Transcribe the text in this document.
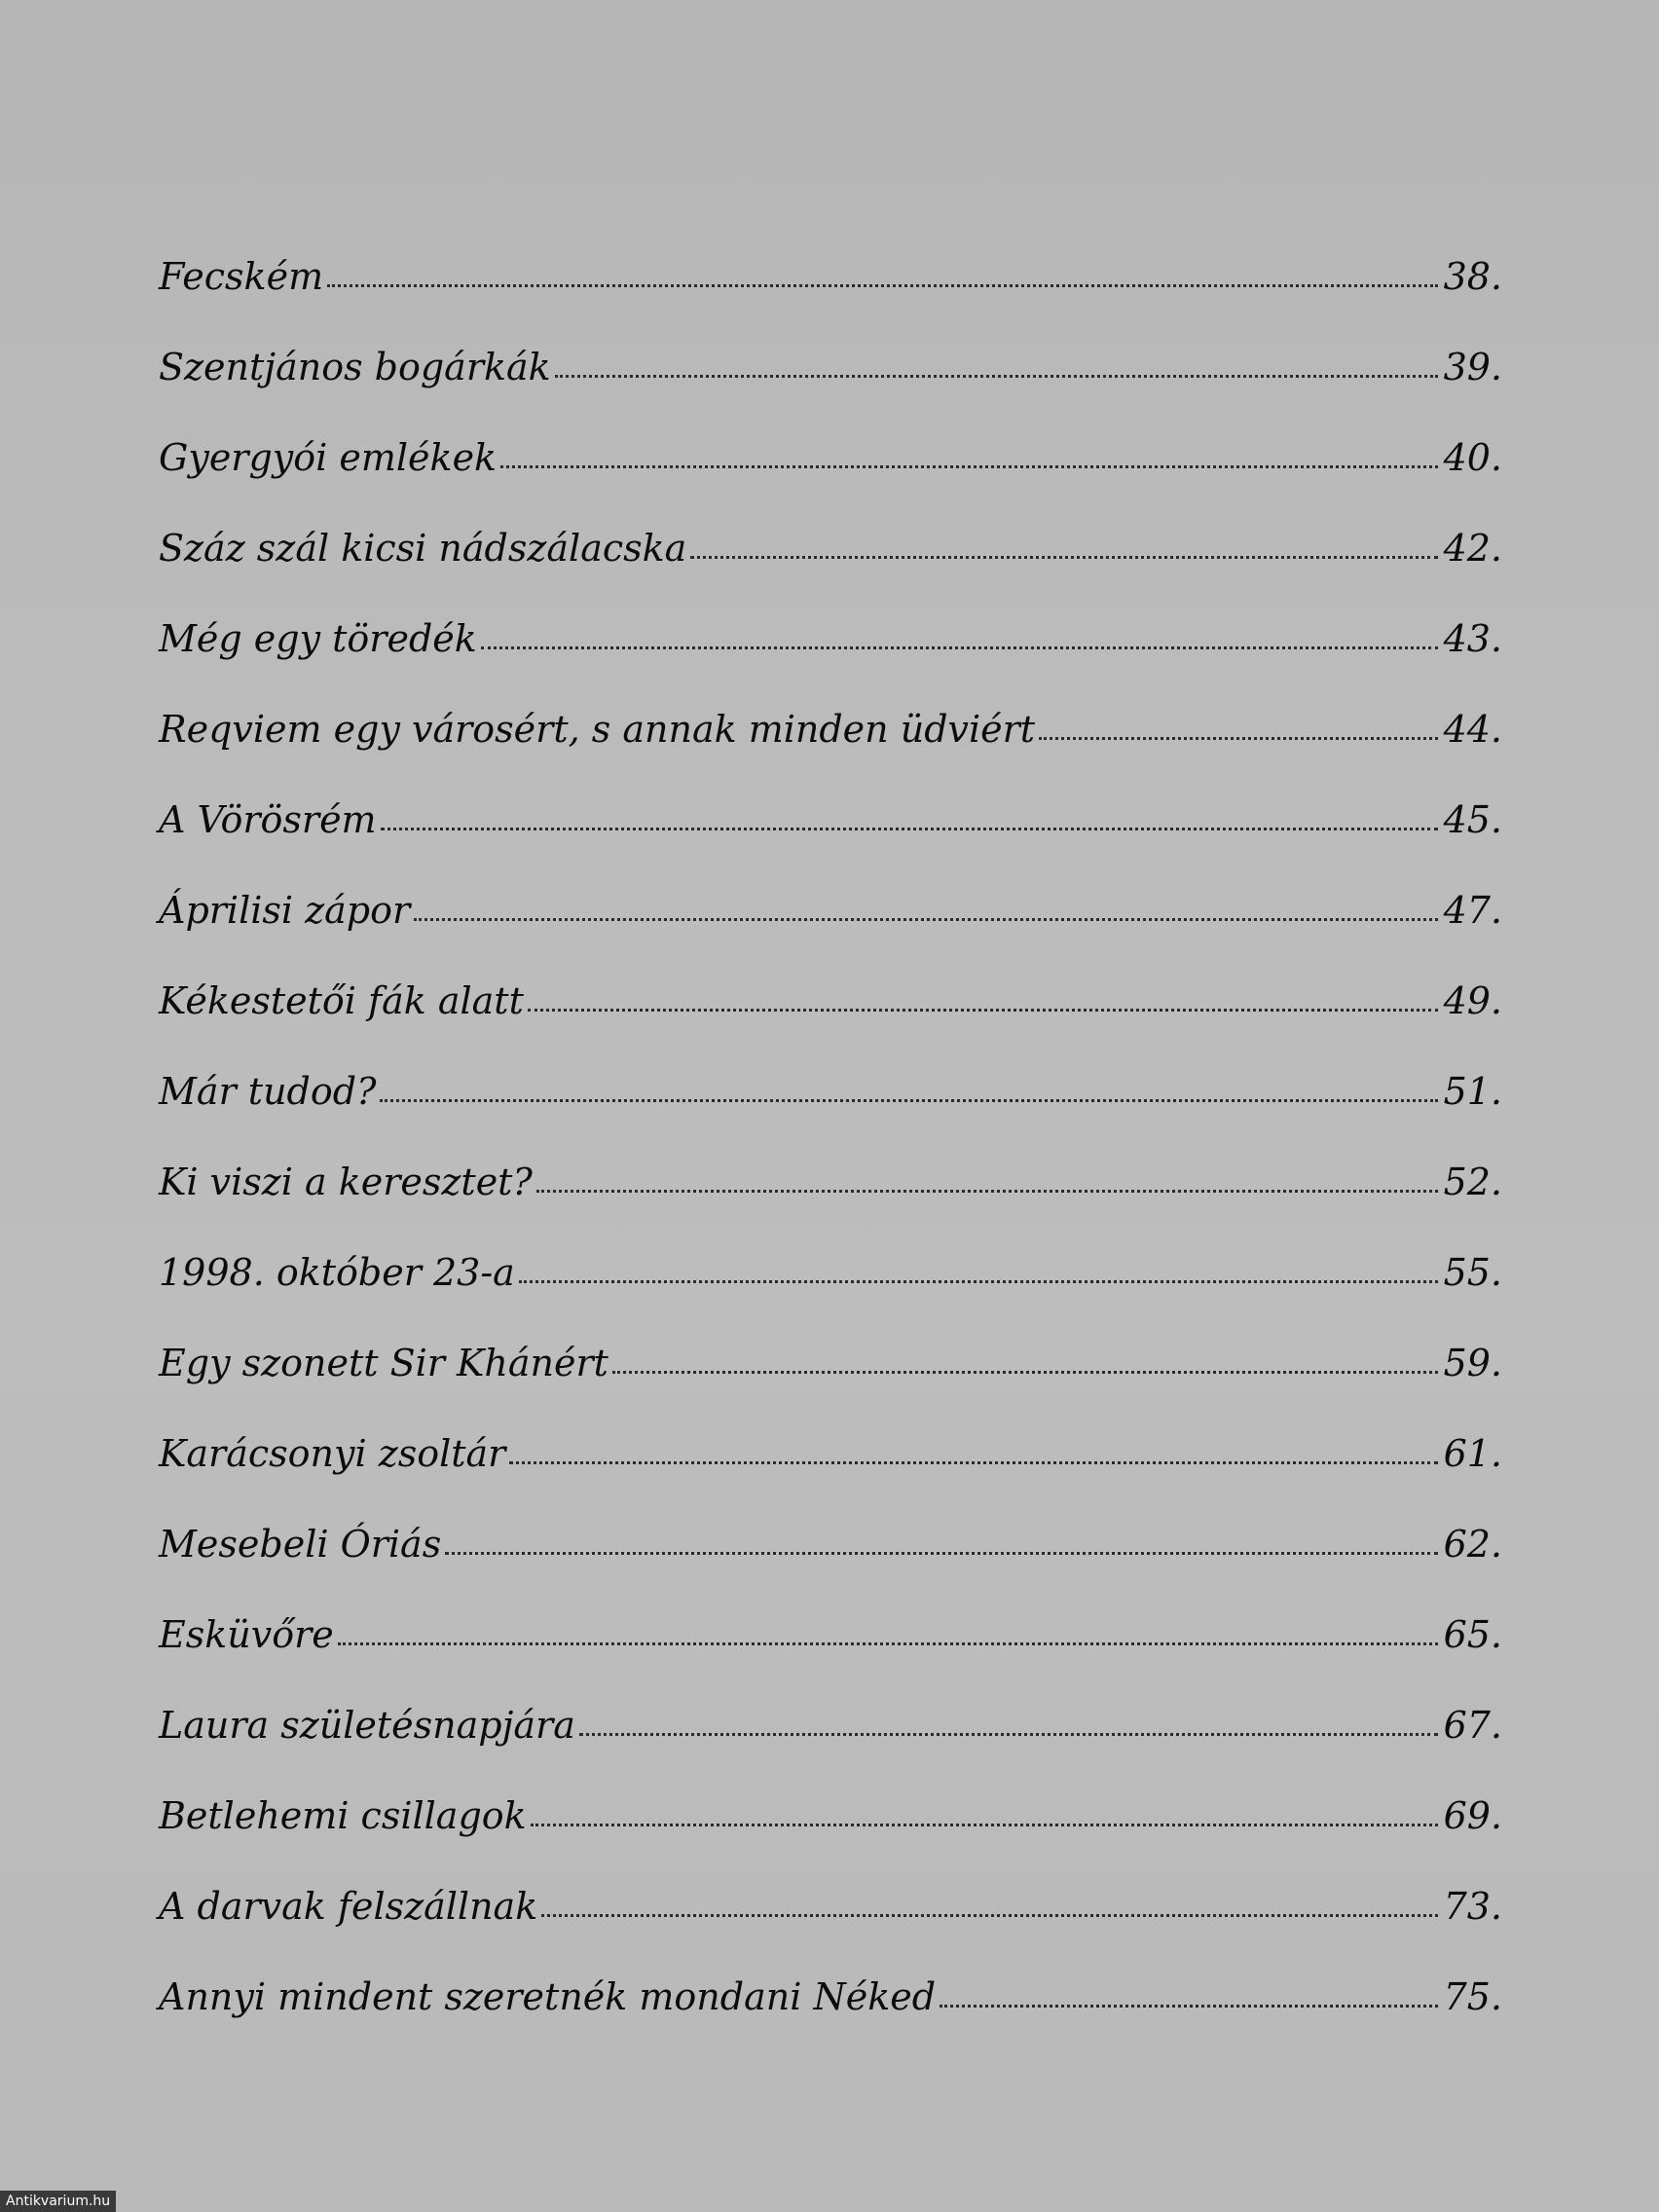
Fecském	38.
Szentjános bogárkák	39.
Gyergyói emlékek	40.
Száz szál kicsi nádszálacska	42.
Még egy töredék	43.
Reqviem egy városért, s annak minden üdviért	44.
A Vörösrém	45.
Áprilisi zápor	47.
Kékestetői fák alatt	49.
Már tudod?	51.
Ki viszi a keresztet?	52.
1998. október 23-a	55.
Egy szonett Sir Khánért	59.
Karácsonyi zsoltár	61.
Mesebeli Óriás	62.
Esküvőre	65.
Laura születésnapjára	67.
Betlehemi csillagok	69.
A darvak felszállnak	73.
Annyi mindent szeretnék mondani Néked	75.
Antikvarium.hu
